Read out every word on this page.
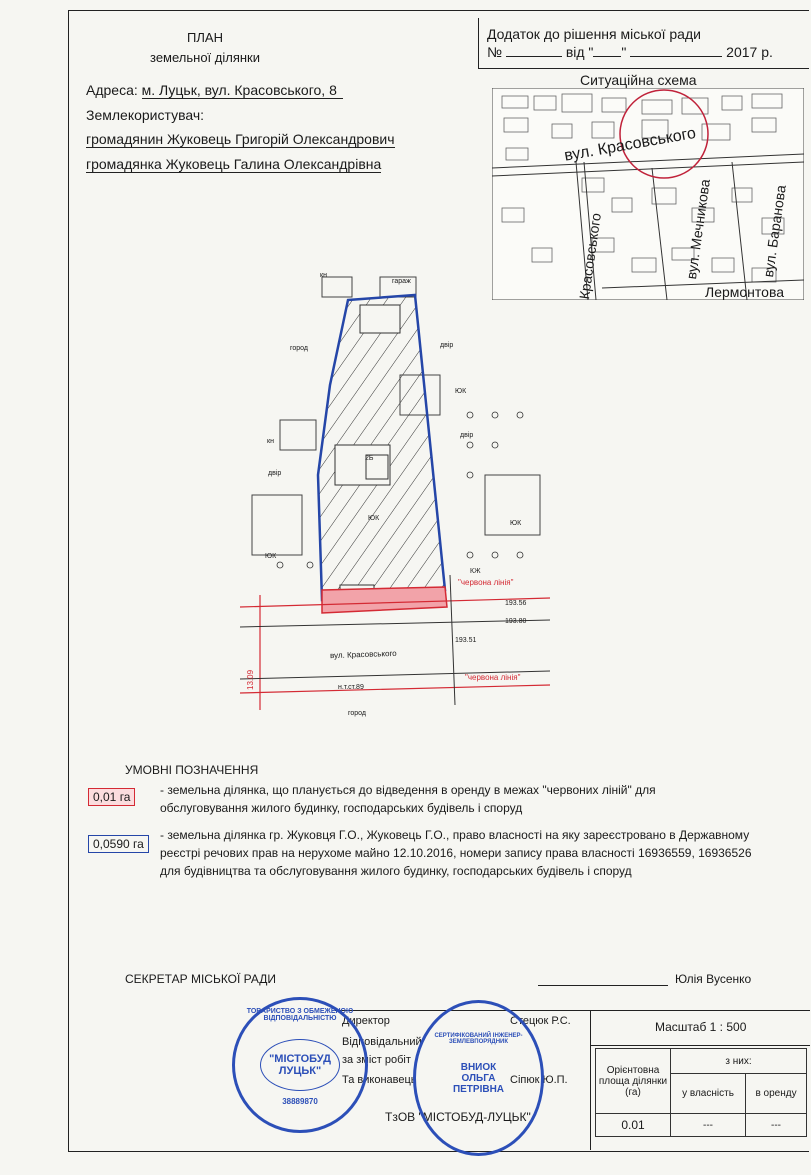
ПЛАН
земельної ділянки
Додаток до рішення міської ради
№	від " "	2017 р.
Адреса: м. Луцьк, вул. Красовського, 8
Землекористувач:
громадянин Жуковець Григорій Олександрович
громадянка Жуковець Галина Олександрівна
Ситуаційна схема
вул. Красовського
Красовського	вул. Мечникова	вул. Баранова
Лермонтова
кн
гараж
город	двір
кн
двір
ЮК
ЮК
ЮК
ЮК
двір
КЖ
2Б
"червона лінія"
"червона лінія"
193.56
193.80
193.51
вул. Красовського
н.т.ст.89
город
13.09
УМОВНІ ПОЗНАЧЕННЯ
0,01 га	- земельна ділянка, що планується до відведення в оренду в межах "червоних ліній" для обслуговування жилого будинку, господарських будівель і споруд
0,0590 га
- земельна ділянка гр. Жуковця Г.О., Жуковець Г.О., право власності на яку зареєстровано в Державному реєстрі речових прав на нерухоме майно 12.10.2016, номери запису права власності 16936559, 16936526 для будівництва та обслуговування жилого будинку, господарських будівель і споруд
СЕКРЕТАР МІСЬКОЇ РАДИ	Юлія Вусенко
Директор	Стецюк Р.С.
Відповідальний
за зміст робіт
Та виконавець	Сіпюк Ю.П.
ТзОВ "МІСТОБУД-ЛУЦЬК"
Масштаб 1 : 500
Орієнтовна площа ділянки (га)	з них:	
	у власність	в оренду
0.01	---	---
ТОВАРИСТВО З ОБМЕЖЕНОЮ ВІДПОВІДАЛЬНІСТЮ
"МІСТОБУД ЛУЦЬК"
38889870
СЕРТИФІКОВАНИЙ ІНЖЕНЕР-ЗЕМЛЕВПОРЯДНИК
ВНИОК ОЛЬГА ПЕТРІВНА
